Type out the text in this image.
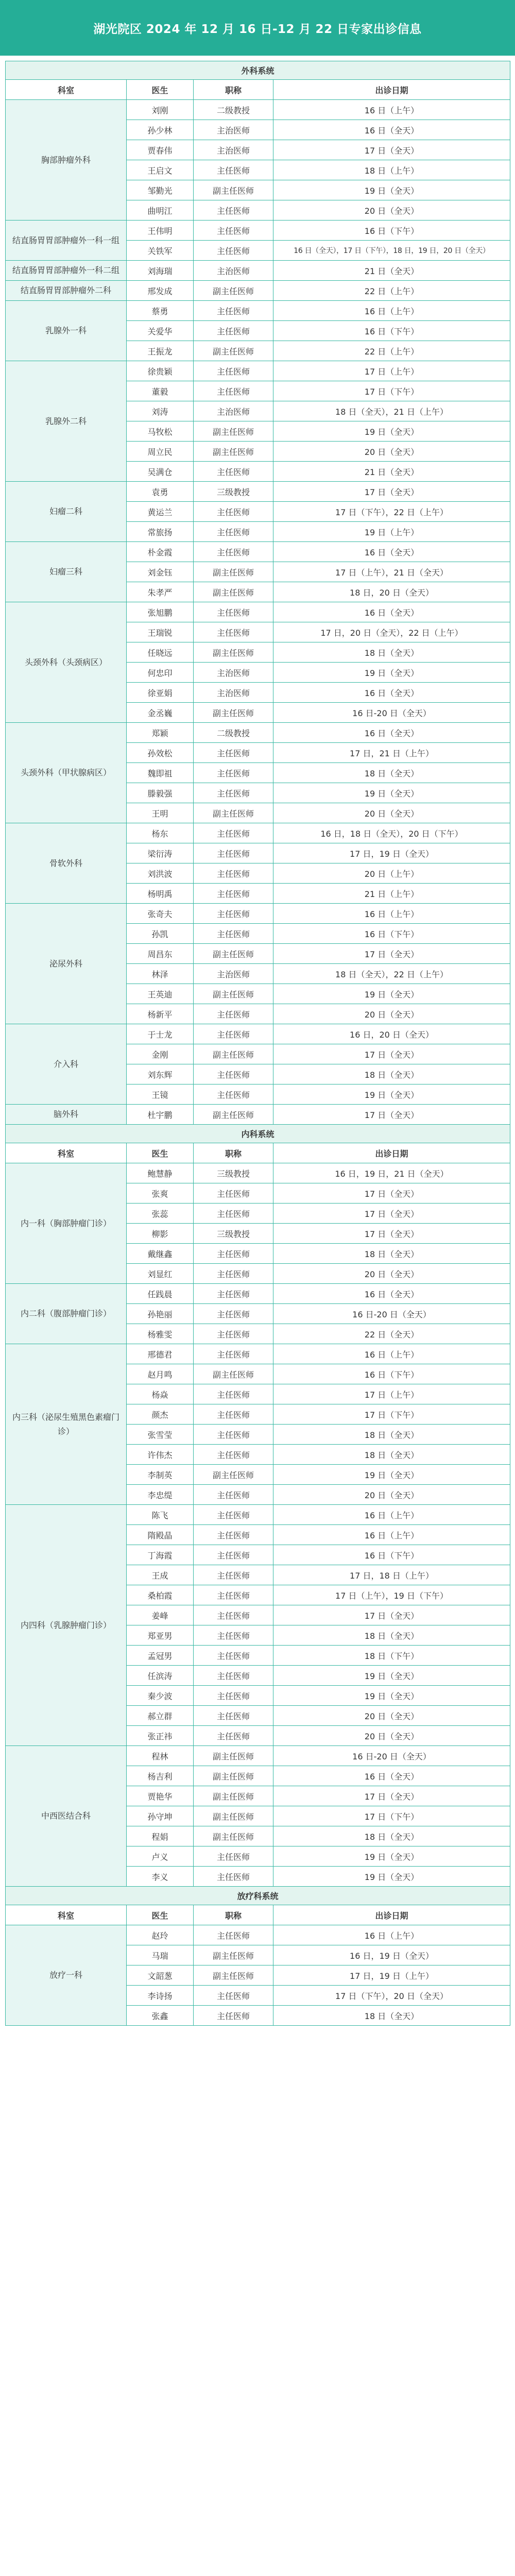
湖光院区 2024 年 12 月 16 日-12 月 22 日专家出诊信息
外科系统			
科室	医生	职称	出诊日期
胸部肿瘤外科	刘刚	二级教授	16 日（上午）
	孙少林	主治医师	16 日（全天）
	贾春伟	主治医师	17 日（全天）
	王启文	主任医师	18 日（上午）
	邹勤光	副主任医师	19 日（全天）
	曲明江	主任医师	20 日（全天）
结直肠胃胃部肿瘤外一科一组	王伟明	主任医师	16 日（下午）
	关铁军	主任医师	16 日（全天），17 日（下午），18 日，19 日，20 日（全天）
结直肠胃胃部肿瘤外一科二组	刘海瑞	主治医师	21 日（全天）
结直肠胃胃部肿瘤外二科	邢发成	副主任医师	22 日（上午）
乳腺外一科	蔡勇	主任医师	16 日（上午）
	关爱华	主任医师	16 日（下午）
	王振龙	副主任医师	22 日（上午）
乳腺外二科	徐贵颖	主任医师	17 日（上午）
	董毅	主任医师	17 日（下午）
	刘涛	主治医师	18 日（全天），21 日（上午）
	马牧松	副主任医师	19 日（全天）
	周立民	副主任医师	20 日（全天）
	吴满仓	主任医师	21 日（全天）
妇瘤二科	袁勇	三级教授	17 日（全天）
	黄运兰	主任医师	17 日（下午），22 日（上午）
	常旅扬	主任医师	19 日（上午）
妇瘤三科	朴金霞	主任医师	16 日（全天）
	刘金钰	副主任医师	17 日（上午），21 日（全天）
	朱孝严	副主任医师	18 日，20 日（全天）
头颈外科（头颈病区）	张旭鹏	主任医师	16 日（全天）
	王瑞锐	主任医师	17 日，20 日（全天），22 日（上午）
	任晓远	副主任医师	18 日（全天）
	何忠印	主治医师	19 日（全天）
	徐亚娟	主治医师	16 日（全天）
	金丞巍	副主任医师	16 日-20 日（全天）
头颈外科（甲状腺病区）	郑颖	二级教授	16 日（全天）
	孙效松	主任医师	17 日，21 日（上午）
	魏即祖	主任医师	18 日（全天）
	滕毅强	主任医师	19 日（全天）
	王明	副主任医师	20 日（全天）
骨软外科	杨东	主任医师	16 日，18 日（全天），20 日（下午）
	梁衍涛	主任医师	17 日，19 日（全天）
	刘洪波	主任医师	20 日（上午）
	杨明禹	主任医师	21 日（上午）
泌尿外科	张奇夫	主任医师	16 日（上午）
	孙凯	主任医师	16 日（下午）
	周昌东	副主任医师	17 日（全天）
	林泽	主治医师	18 日（全天），22 日（上午）
	王英迪	副主任医师	19 日（全天）
	杨新平	主任医师	20 日（全天）
介入科	于士龙	主任医师	16 日，20 日（全天）
	金刚	副主任医师	17 日（全天）
	刘东辉	主任医师	18 日（全天）
	王镜	主任医师	19 日（全天）
脑外科	杜宇鹏	副主任医师	17 日（全天）
内科系统			
科室	医生	职称	出诊日期
内一科（胸部肿瘤门诊）	鲍慧静	三级教授	16 日，19 日，21 日（全天）
	张爽	主任医师	17 日（全天）
	张蕊	主任医师	17 日（全天）
	柳影	三级教授	17 日（全天）
	戴继鑫	主任医师	18 日（全天）
	刘显红	主任医师	20 日（全天）
内二科（腹部肿瘤门诊）	任践晨	主任医师	16 日（全天）
	孙艳丽	主任医师	16 日-20 日（全天）
	杨雅雯	主任医师	22 日（全天）
内三科（泌尿生殖黑色素瘤门诊）	邢德君	主任医师	16 日（上午）
	赵月鸣	副主任医师	16 日（下午）
	杨焱	主任医师	17 日（上午）
	颜杰	主任医师	17 日（下午）
	张雪莹	主任医师	18 日（全天）
	许伟杰	主任医师	18 日（全天）
	李制英	副主任医师	19 日（全天）
	李忠缇	主任医师	20 日（全天）
内四科（乳腺肿瘤门诊）	陈飞	主任医师	16 日（上午）
	隋殿晶	主任医师	16 日（上午）
	丁海霞	主任医师	16 日（下午）
	王成	主任医师	17 日，18 日（上午）
	桑柏霞	主任医师	17 日（上午），19 日（下午）
	姜峰	主任医师	17 日（全天）
	郑亚男	主任医师	18 日（全天）
	孟冠男	主任医师	18 日（下午）
	任滨涛	主任医师	19 日（全天）
	秦少波	主任医师	19 日（全天）
	郝立群	主任医师	20 日（全天）
	张正祎	主任医师	20 日（全天）
中西医结合科	程林	副主任医师	16 日-20 日（全天）
	杨吉利	副主任医师	16 日（全天）
	贾艳华	副主任医师	17 日（全天）
	孙守坤	副主任医师	17 日（下午）
	程娟	副主任医师	18 日（全天）
	卢义	主任医师	19 日（全天）
	李义	主任医师	19 日（全天）
放疗科系统			
科室	医生	职称	出诊日期
放疗一科	赵玲	主任医师	16 日（上午）
	马瑞	副主任医师	16 日，19 日（全天）
	文韶葱	副主任医师	17 日，19 日（上午）
	李诗扬	主任医师	17 日（下午），20 日（全天）
	张鑫	主任医师	18 日（全天）
